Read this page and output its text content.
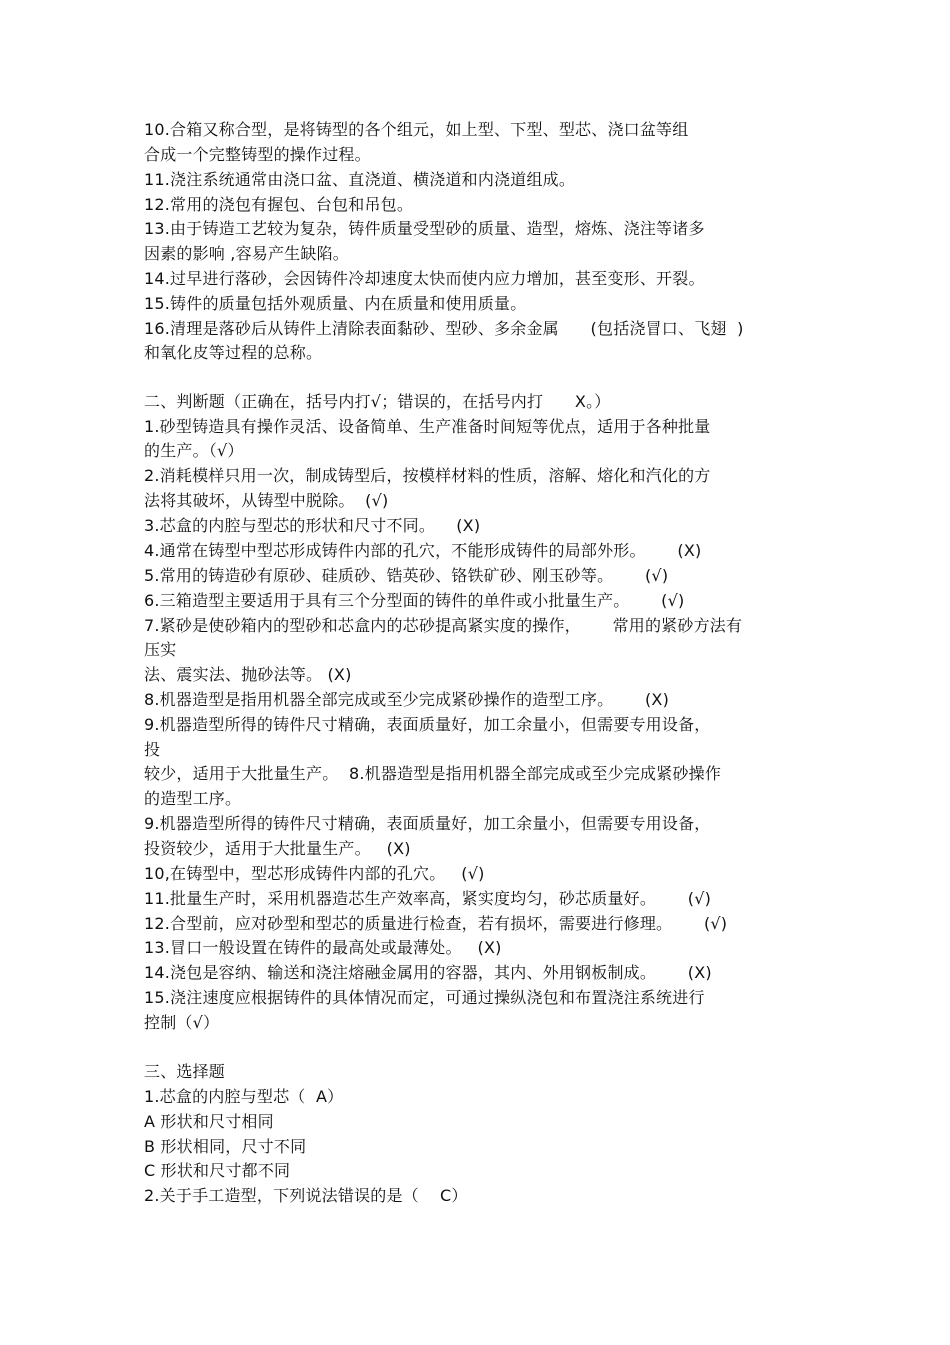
10.合箱又称合型，是将铸型的各个组元，如上型、下型、型芯、浇口盆等组
合成一个完整铸型的操作过程。
11.浇注系统通常由浇口盆、直浇道、横浇道和内浇道组成。
12.常用的浇包有握包、台包和吊包。
13.由于铸造工艺较为复杂，铸件质量受型砂的质量、造型，熔炼、浇注等诸多
因素的影响 ,容易产生缺陷。
14.过早进行落砂，会因铸件冷却速度太快而使内应力增加，甚至变形、开裂。
15.铸件的质量包括外观质量、内在质量和使用质量。
16.清理是落砂后从铸件上清除表面黏砂、型砂、多余金属      (包括浇冒口、飞翅  )
和氧化皮等过程的总称。
二、判断题（正确在，括号内打√；错误的，在括号内打      X。）
1.砂型铸造具有操作灵活、设备简单、生产准备时间短等优点，适用于各种批量
的生产。（√）
2.消耗模样只用一次，制成铸型后，按模样材料的性质，溶解、熔化和汽化的方
法将其破坏，从铸型中脱除。  (√)
3.芯盒的内腔与型芯的形状和尺寸不同。    (X)
4.通常在铸型中型芯形成铸件内部的孔穴，不能形成铸件的局部外形。      (X)
5.常用的铸造砂有原砂、硅质砂、锆英砂、铬铁矿砂、刚玉砂等。      (√)
6.三箱造型主要适用于具有三个分型面的铸件的单件或小批量生产。      (√)
7.紧砂是使砂箱内的型砂和芯盒内的芯砂提高紧实度的操作，      常用的紧砂方法有
压实
法、震实法、抛砂法等。 (X)
8.机器造型是指用机器全部完成或至少完成紧砂操作的造型工序。      (X)
9.机器造型所得的铸件尺寸精确，表面质量好，加工余量小，但需要专用设备，
投
较少，适用于大批量生产。  8.机器造型是指用机器全部完成或至少完成紧砂操作
的造型工序。
9.机器造型所得的铸件尺寸精确，表面质量好，加工余量小，但需要专用设备，
投资较少，适用于大批量生产。   (X)
10,在铸型中，型芯形成铸件内部的孔穴。   (√)
11.批量生产时，采用机器造芯生产效率高，紧实度均匀，砂芯质量好。      (√)
12.合型前，应对砂型和型芯的质量进行检查，若有损坏，需要进行修理。      (√)
13.冒口一般设置在铸件的最高处或最薄处。   (X)
14.浇包是容纳、输送和浇注熔融金属用的容器，其内、外用钢板制成。      (X)
15.浇注速度应根据铸件的具体情况而定，可通过操纵浇包和布置浇注系统进行
控制（√）
三、选择题
1.芯盒的内腔与型芯（  A）
A 形状和尺寸相同
B 形状相同，尺寸不同
C 形状和尺寸都不同
2.关于手工造型，下列说法错误的是（    C）
